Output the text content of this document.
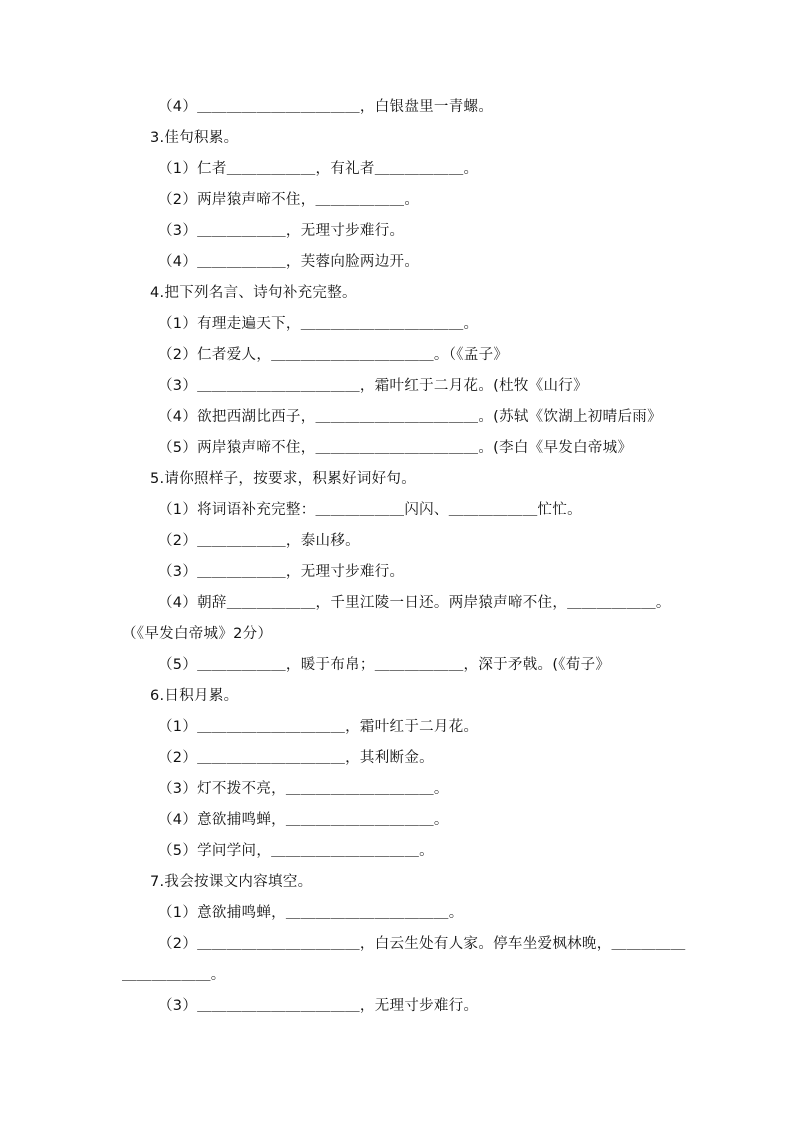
（4）＿＿＿＿＿＿＿＿＿＿＿，白银盘里一青螺。
3.佳句积累。
（1）仁者＿＿＿＿＿＿，有礼者＿＿＿＿＿＿。
（2）两岸猿声啼不住，＿＿＿＿＿＿。
（3）＿＿＿＿＿＿，无理寸步难行。
（4）＿＿＿＿＿＿，芙蓉向脸两边开。
4.把下列名言、诗句补充完整。
（1）有理走遍天下，＿＿＿＿＿＿＿＿＿＿＿。
（2）仁者爱人，＿＿＿＿＿＿＿＿＿＿＿。（《孟子》
（3）＿＿＿＿＿＿＿＿＿＿＿，霜叶红于二月花。(杜牧《山行》
（4）欲把西湖比西子，＿＿＿＿＿＿＿＿＿＿＿。(苏轼《饮湖上初晴后雨》
（5）两岸猿声啼不住，＿＿＿＿＿＿＿＿＿＿＿。(李白《早发白帝城》
5.请你照样子，按要求，积累好词好句。
（1）将词语补充完整：＿＿＿＿＿＿闪闪、＿＿＿＿＿＿忙忙。
（2）＿＿＿＿＿＿，泰山移。
（3）＿＿＿＿＿＿，无理寸步难行。
（4）朝辞＿＿＿＿＿＿，千里江陵一日还。两岸猿声啼不住，＿＿＿＿＿＿。
（《早发白帝城》2分）
（5）＿＿＿＿＿＿，暖于布帛；＿＿＿＿＿＿，深于矛戟。(《荀子》
6.日积月累。
（1）＿＿＿＿＿＿＿＿＿＿，霜叶红于二月花。
（2）＿＿＿＿＿＿＿＿＿＿，其利断金。
（3）灯不拨不亮，＿＿＿＿＿＿＿＿＿＿。
（4）意欲捕鸣蝉，＿＿＿＿＿＿＿＿＿＿。
（5）学问学问，＿＿＿＿＿＿＿＿＿＿。
7.我会按课文内容填空。
（1）意欲捕鸣蝉，＿＿＿＿＿＿＿＿＿＿＿。
（2）＿＿＿＿＿＿＿＿＿＿＿，白云生处有人家。停车坐爱枫林晚，＿＿＿＿＿
＿＿＿＿＿＿。
（3）＿＿＿＿＿＿＿＿＿＿＿，无理寸步难行。
